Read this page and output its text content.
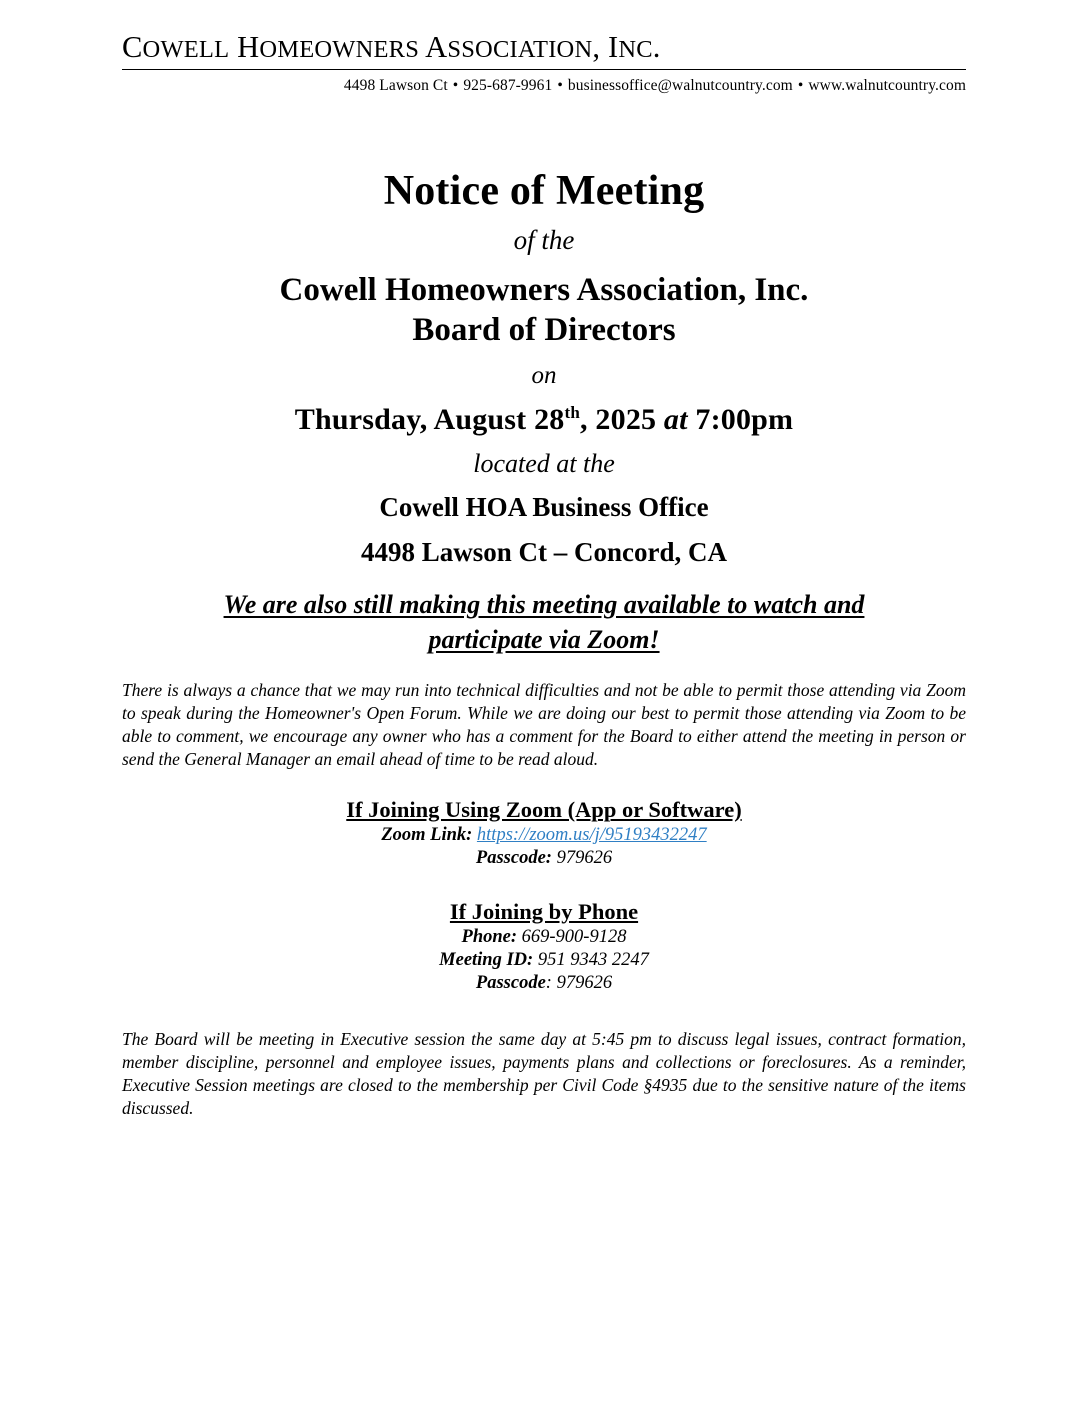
COWELL HOMEOWNERS ASSOCIATION, INC.
4498 Lawson Ct • 925-687-9961 • businessoffice@walnutcountry.com • www.walnutcountry.com
Notice of Meeting
of the
Cowell Homeowners Association, Inc.
Board of Directors
on
Thursday, August 28th, 2025 at 7:00pm
located at the
Cowell HOA Business Office
4498 Lawson Ct – Concord, CA
We are also still making this meeting available to watch and participate via Zoom!
There is always a chance that we may run into technical difficulties and not be able to permit those attending via Zoom to speak during the Homeowner's Open Forum. While we are doing our best to permit those attending via Zoom to be able to comment, we encourage any owner who has a comment for the Board to either attend the meeting in person or send the General Manager an email ahead of time to be read aloud.
If Joining Using Zoom (App or Software)
Zoom Link: https://zoom.us/j/95193432247
Passcode: 979626
If Joining by Phone
Phone: 669-900-9128
Meeting ID: 951 9343 2247
Passcode: 979626
The Board will be meeting in Executive session the same day at 5:45 pm to discuss legal issues, contract formation, member discipline, personnel and employee issues, payments plans and collections or foreclosures. As a reminder, Executive Session meetings are closed to the membership per Civil Code §4935 due to the sensitive nature of the items discussed.
